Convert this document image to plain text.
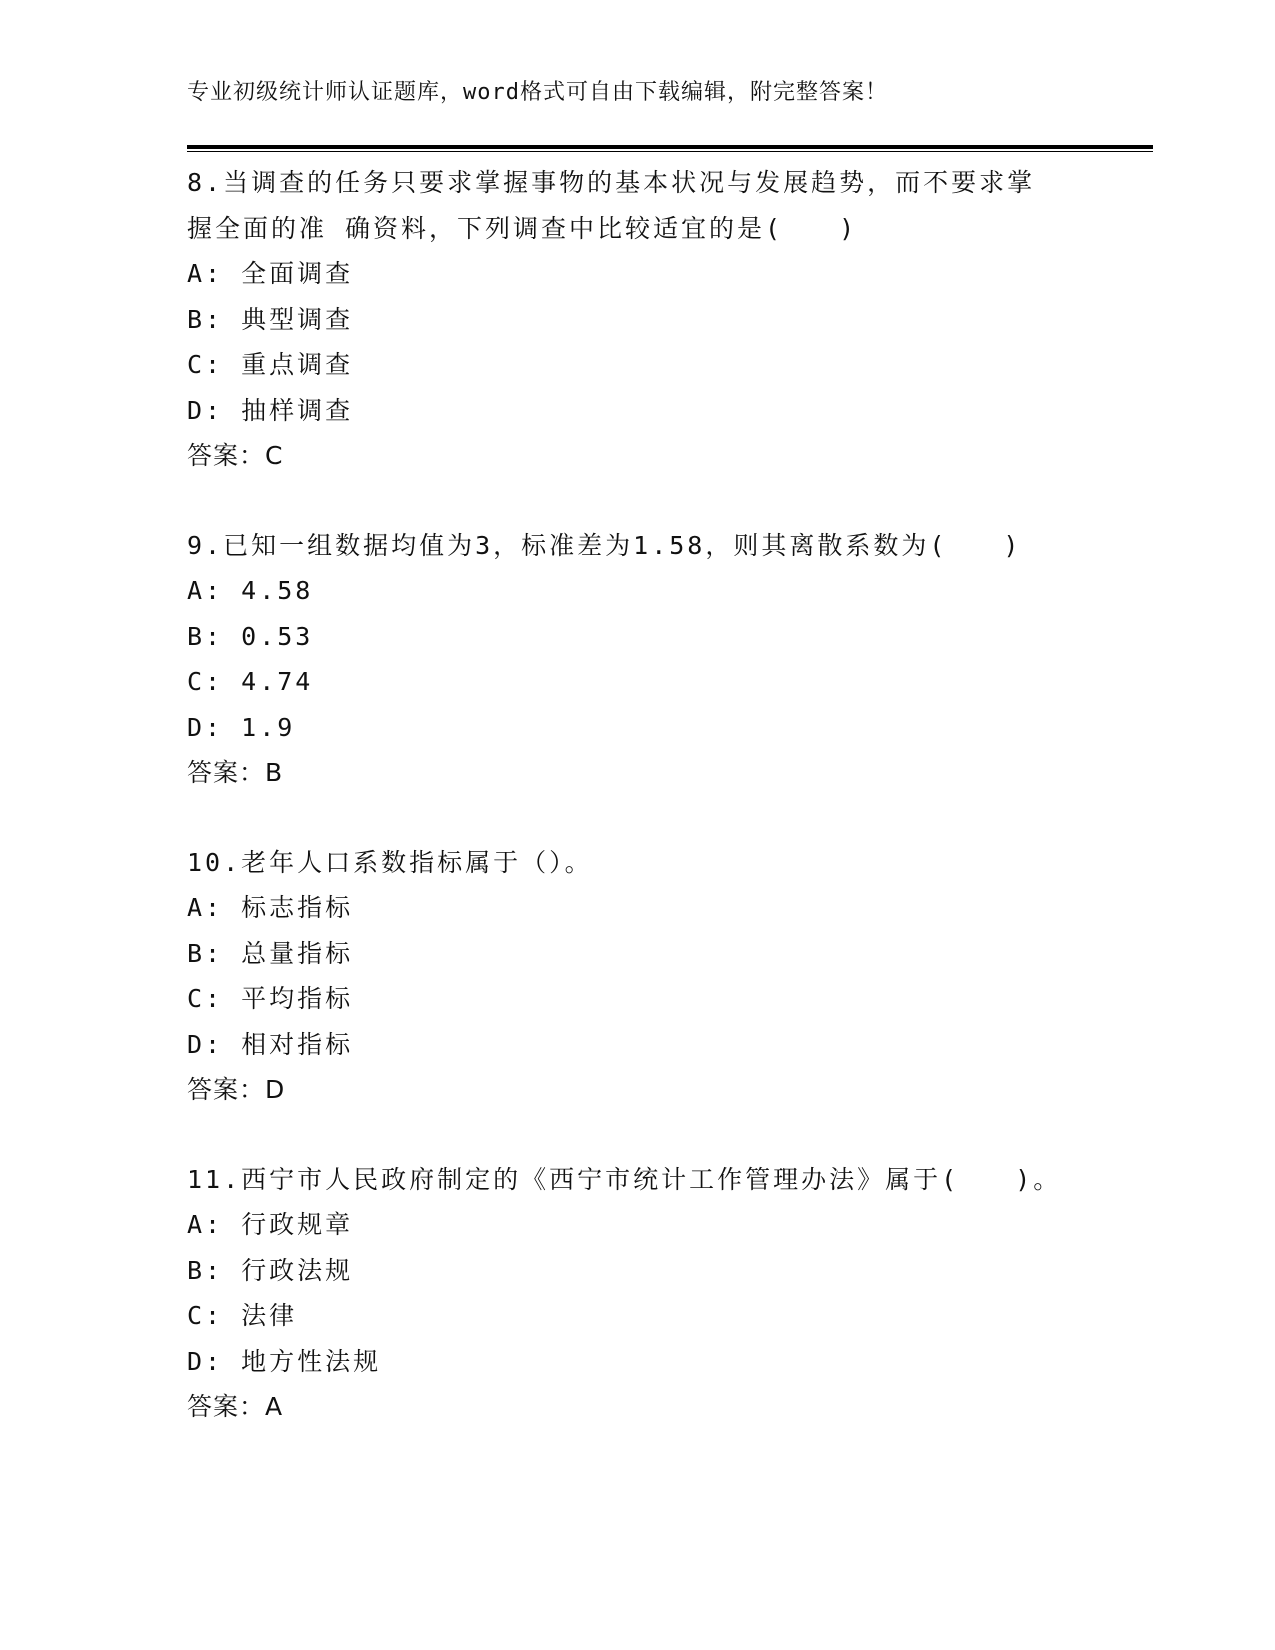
专业初级统计师认证题库，word格式可自由下载编辑，附完整答案！
8.当调查的任务只要求掌握事物的基本状况与发展趋势，而不要求掌
握全面的准 确资料，下列调查中比较适宜的是(　　)
A: 全面调查
B: 典型调查
C: 重点调查
D: 抽样调查
答案：C
9.已知一组数据均值为3，标准差为1.58，则其离散系数为(　　)
A: 4.58
B: 0.53
C: 4.74
D: 1.9
答案：B
10.老年人口系数指标属于（）。
A: 标志指标
B: 总量指标
C: 平均指标
D: 相对指标
答案：D
11.西宁市人民政府制定的《西宁市统计工作管理办法》属于(　　)。
A: 行政规章
B: 行政法规
C: 法律
D: 地方性法规
答案：A
